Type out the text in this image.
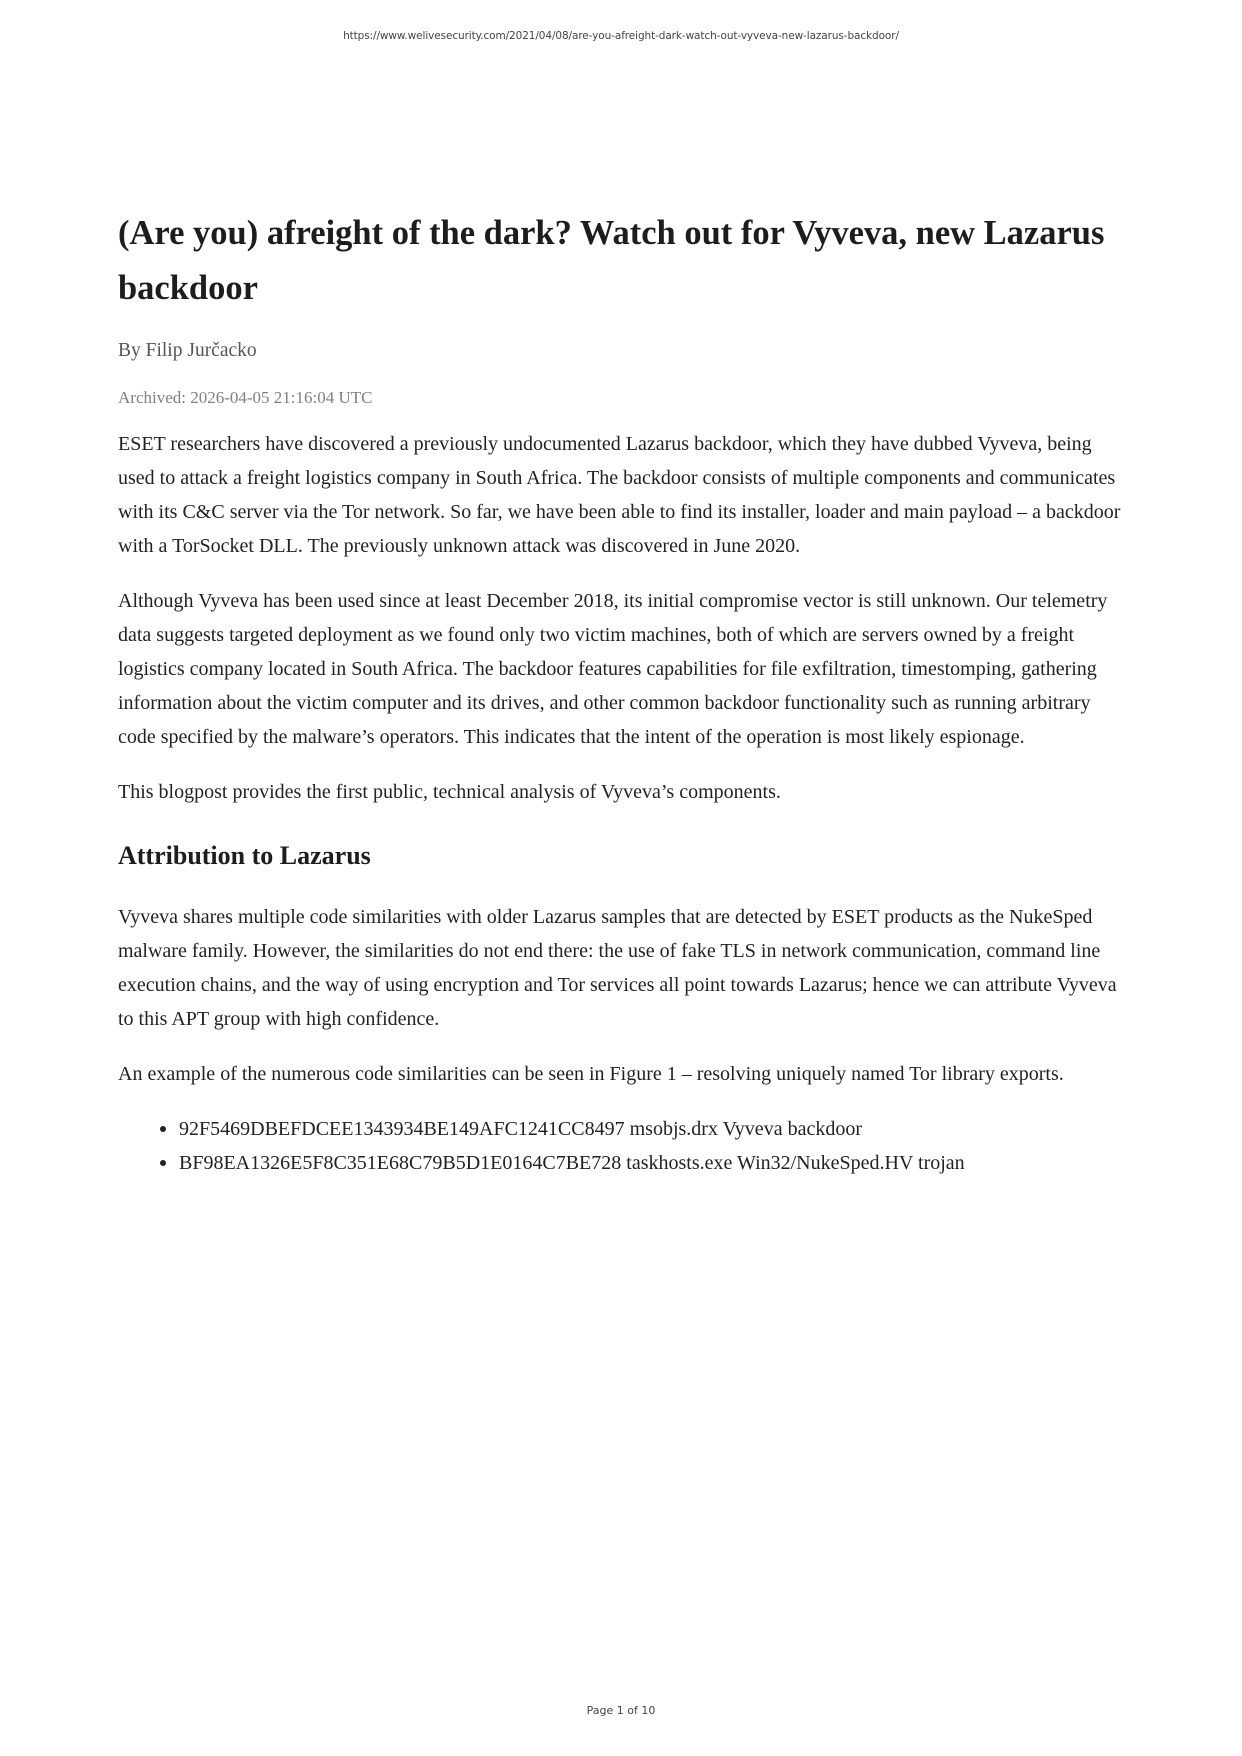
https://www.welivesecurity.com/2021/04/08/are-you-afreight-dark-watch-out-vyveva-new-lazarus-backdoor/
(Are you) afreight of the dark? Watch out for Vyveva, new Lazarus backdoor
By Filip Jurčacko
Archived: 2026-04-05 21:16:04 UTC

ESET researchers have discovered a previously undocumented Lazarus backdoor, which they have dubbed Vyveva, being used to attack a freight logistics company in South Africa. The backdoor consists of multiple components and communicates with its C&C server via the Tor network. So far, we have been able to find its installer, loader and main payload – a backdoor with a TorSocket DLL. The previously unknown attack was discovered in June 2020.

Although Vyveva has been used since at least December 2018, its initial compromise vector is still unknown. Our telemetry data suggests targeted deployment as we found only two victim machines, both of which are servers owned by a freight logistics company located in South Africa. The backdoor features capabilities for file exfiltration, timestomping, gathering information about the victim computer and its drives, and other common backdoor functionality such as running arbitrary code specified by the malware’s operators. This indicates that the intent of the operation is most likely espionage.

This blogpost provides the first public, technical analysis of Vyveva’s components.

Attribution to Lazarus

Vyveva shares multiple code similarities with older Lazarus samples that are detected by ESET products as the NukeSped malware family. However, the similarities do not end there: the use of fake TLS in network communication, command line execution chains, and the way of using encryption and Tor services all point towards Lazarus; hence we can attribute Vyveva to this APT group with high confidence.

An example of the numerous code similarities can be seen in Figure 1 – resolving uniquely named Tor library exports.

92F5469DBEFDCEE1343934BE149AFC1241CC8497 msobjs.drx Vyveva backdoor
BF98EA1326E5F8C351E68C79B5D1E0164C7BE728 taskhosts.exe Win32/NukeSped.HV trojan
Page 1 of 10
